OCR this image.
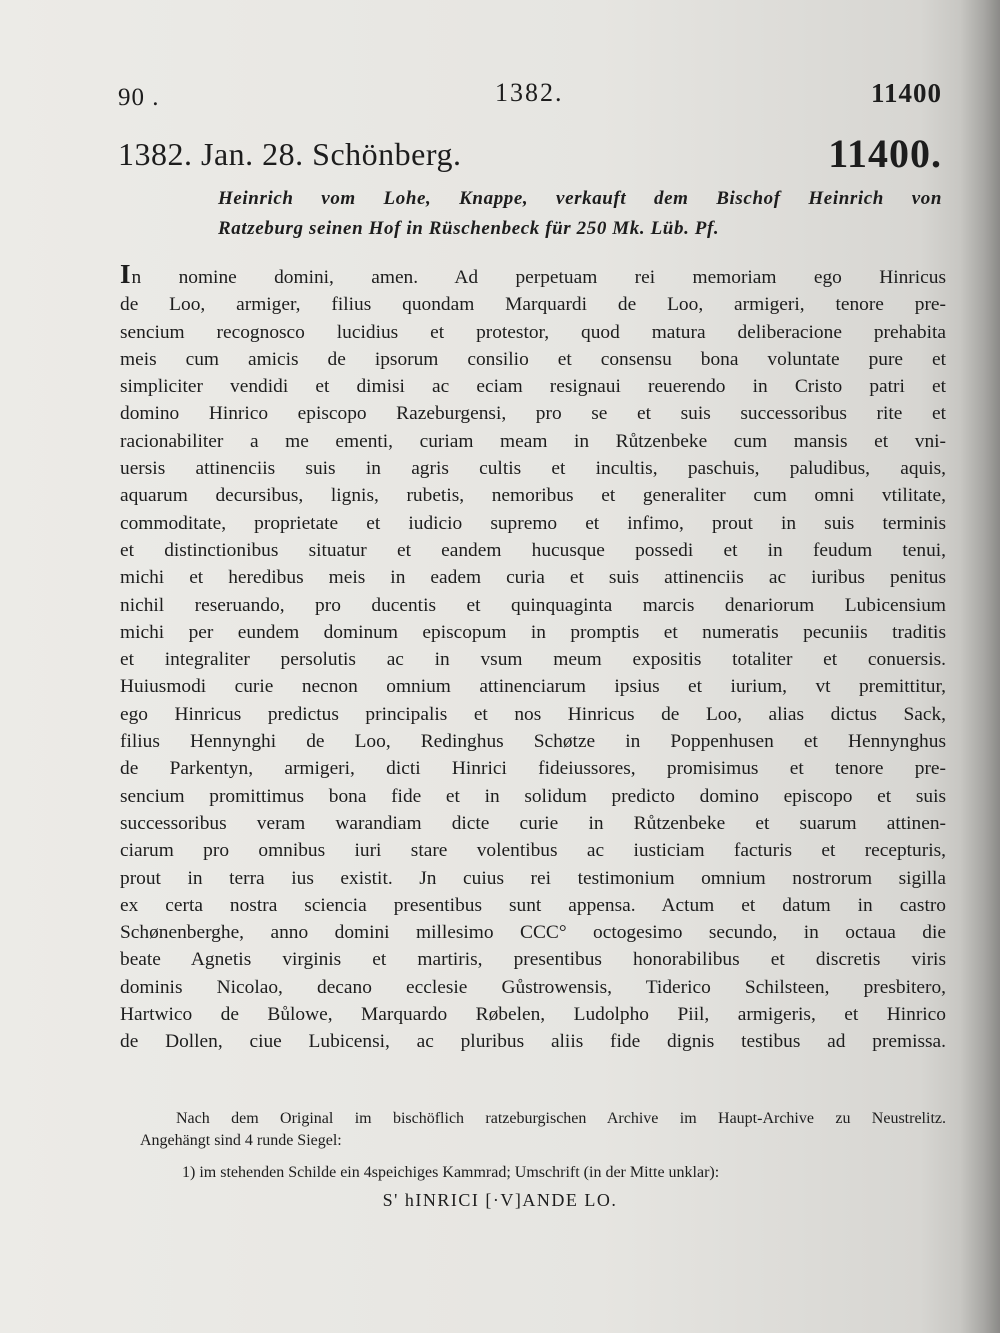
90 .	1382.	11400
1382. Jan. 28. Schönberg.	11400.
Heinrich vom Lohe, Knappe, verkauft dem Bischof Heinrich von
Ratzeburg seinen Hof in Rüschenbeck für 250 Mk. Lüb. Pf.
In nomine domini, amen. Ad perpetuam rei memoriam ego Hinricus
de Loo, armiger, filius quondam Marquardi de Loo, armigeri, tenore pre-
sencium recognosco lucidius et protestor, quod matura deliberacione prehabita
meis cum amicis de ipsorum consilio et consensu bona voluntate pure et
simpliciter vendidi et dimisi ac eciam resignaui reuerendo in Cristo patri et
domino Hinrico episcopo Razeburgensi, pro se et suis successoribus rite et
racionabiliter a me ementi, curiam meam in Růtzenbeke cum mansis et vni-
uersis attinenciis suis in agris cultis et incultis, paschuis, paludibus, aquis,
aquarum decursibus, lignis, rubetis, nemoribus et generaliter cum omni vtilitate,
commoditate, proprietate et iudicio supremo et infimo, prout in suis terminis
et distinctionibus situatur et eandem hucusque possedi et in feudum tenui,
michi et heredibus meis in eadem curia et suis attinenciis ac iuribus penitus
nichil reseruando, pro ducentis et quinquaginta marcis denariorum Lubicensium
michi per eundem dominum episcopum in promptis et numeratis pecuniis traditis
et integraliter persolutis ac in vsum meum expositis totaliter et conuersis.
Huiusmodi curie necnon omnium attinenciarum ipsius et iurium, vt premittitur,
ego Hinricus predictus principalis et nos Hinricus de Loo, alias dictus Sack,
filius Hennynghi de Loo, Redinghus Schøtze in Poppenhusen et Hennynghus
de Parkentyn, armigeri, dicti Hinrici fideiussores, promisimus et tenore pre-
sencium promittimus bona fide et in solidum predicto domino episcopo et suis
successoribus veram warandiam dicte curie in Růtzenbeke et suarum attinen-
ciarum pro omnibus iuri stare volentibus ac iusticiam facturis et recepturis,
prout in terra ius existit. Jn cuius rei testimonium omnium nostrorum sigilla
ex certa nostra sciencia presentibus sunt appensa. Actum et datum in castro
Schønenberghe, anno domini millesimo CCC° octogesimo secundo, in octaua die
beate Agnetis virginis et martiris, presentibus honorabilibus et discretis viris
dominis Nicolao, decano ecclesie Gůstrowensis, Tiderico Schilsteen, presbitero,
Hartwico de Bůlowe, Marquardo Røbelen, Ludolpho Piil, armigeris, et Hinrico
de Dollen, ciue Lubicensi, ac pluribus aliis fide dignis testibus ad premissa.
Nach dem Original im bischöflich ratzeburgischen Archive im Haupt-Archive zu Neustrelitz.
Angehängt sind 4 runde Siegel:
1) im stehenden Schilde ein 4speichiges Kammrad; Umschrift (in der Mitte unklar):
S' hINRICI [·V]ANDE LO.
